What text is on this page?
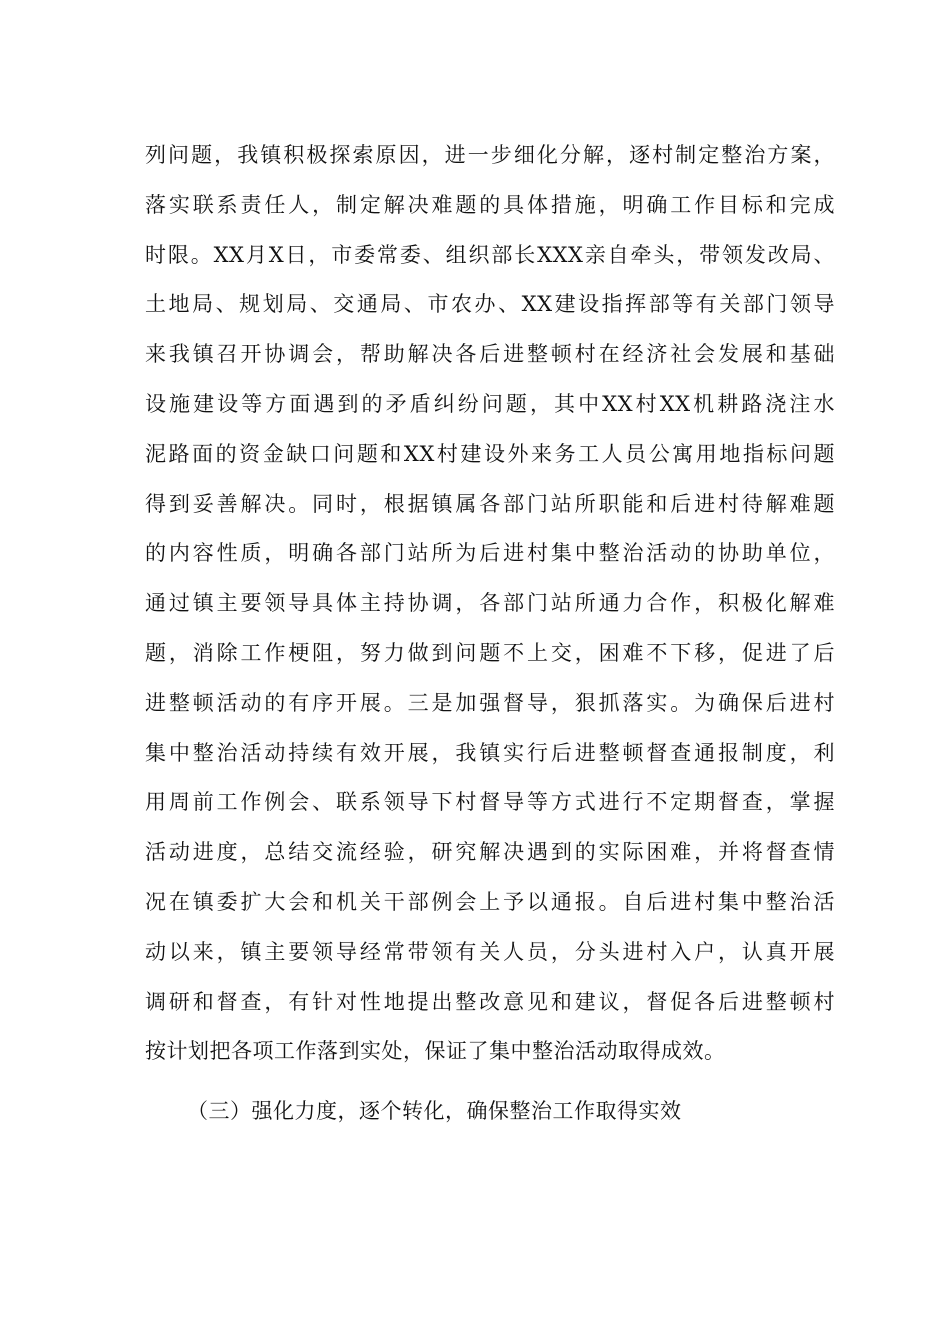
列问题，我镇积极探索原因，进一步细化分解，逐村制定整治方案，
落实联系责任人，制定解决难题的具体措施，明确工作目标和完成
时限。XX月X日，市委常委、组织部长XXX亲自牵头，带领发改局、
土地局、规划局、交通局、市农办、XX建设指挥部等有关部门领导
来我镇召开协调会，帮助解决各后进整顿村在经济社会发展和基础
设施建设等方面遇到的矛盾纠纷问题，其中XX村XX机耕路浇注水
泥路面的资金缺口问题和XX村建设外来务工人员公寓用地指标问题
得到妥善解决。同时，根据镇属各部门站所职能和后进村待解难题
的内容性质，明确各部门站所为后进村集中整治活动的协助单位，
通过镇主要领导具体主持协调，各部门站所通力合作，积极化解难
题，消除工作梗阻，努力做到问题不上交，困难不下移，促进了后
进整顿活动的有序开展。三是加强督导，狠抓落实。为确保后进村
集中整治活动持续有效开展，我镇实行后进整顿督查通报制度，利
用周前工作例会、联系领导下村督导等方式进行不定期督查，掌握
活动进度，总结交流经验，研究解决遇到的实际困难，并将督查情
况在镇委扩大会和机关干部例会上予以通报。自后进村集中整治活
动以来，镇主要领导经常带领有关人员，分头进村入户，认真开展
调研和督查，有针对性地提出整改意见和建议，督促各后进整顿村
按计划把各项工作落到实处，保证了集中整治活动取得成效。
（三）强化力度，逐个转化，确保整治工作取得实效
